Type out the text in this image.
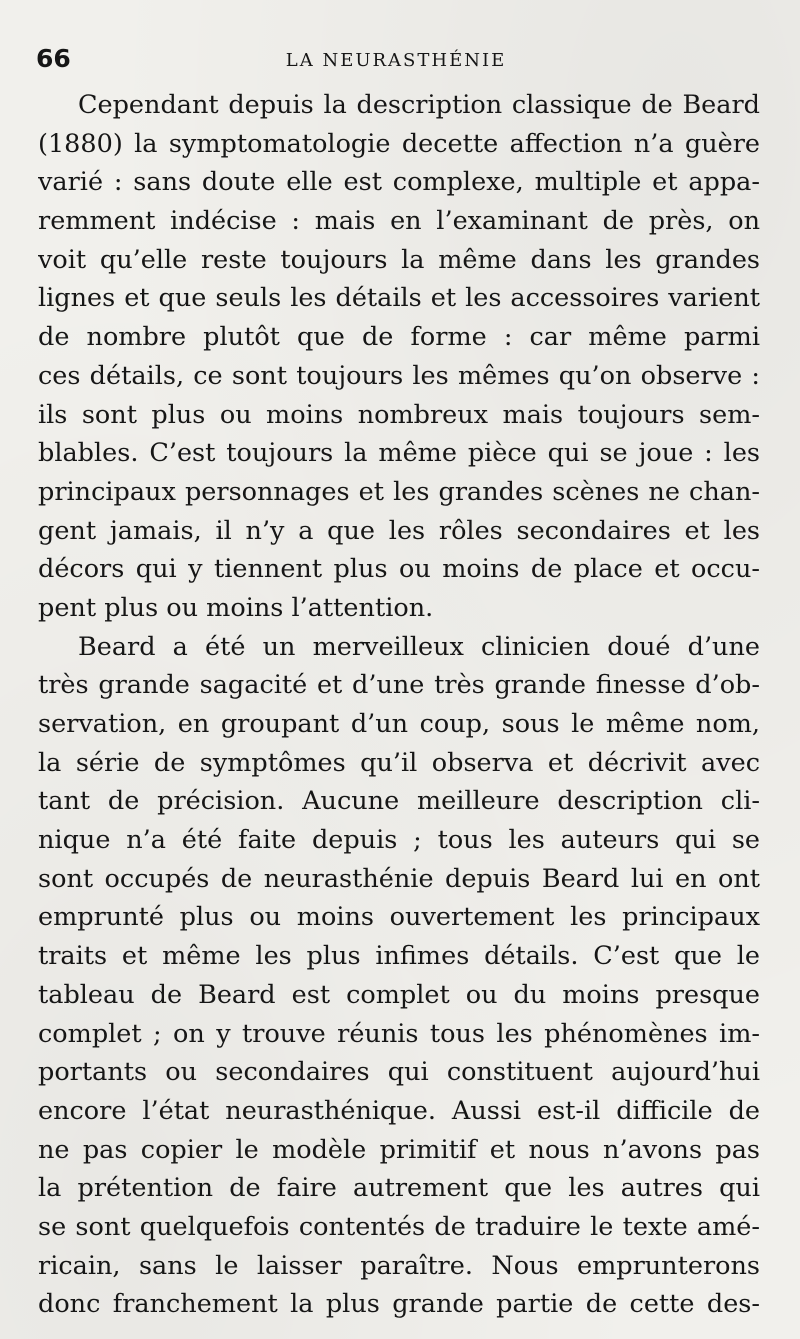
66	LA NEURASTHÉNIE
Cependant depuis la description classique de Beard
(1880) la symptomatologie decette affection n’a guère
varié : sans doute elle est complexe, multiple et appa-
remment indécise : mais en l’examinant de près, on
voit qu’elle reste toujours la même dans les grandes
lignes et que seuls les détails et les accessoires varient
de nombre plutôt que de forme : car même parmi
ces détails, ce sont toujours les mêmes qu’on observe :
ils sont plus ou moins nombreux mais toujours sem-
blables. C’est toujours la même pièce qui se joue : les
principaux personnages et les grandes scènes ne chan-
gent jamais, il n’y a que les rôles secondaires et les
décors qui y tiennent plus ou moins de place et occu-
pent plus ou moins l’attention.
Beard a été un merveilleux clinicien doué d’une
très grande sagacité et d’une très grande finesse d’ob-
servation, en groupant d’un coup, sous le même nom,
la série de symptômes qu’il observa et décrivit avec
tant de précision. Aucune meilleure description cli-
nique n’a été faite depuis ; tous les auteurs qui se
sont occupés de neurasthénie depuis Beard lui en ont
emprunté plus ou moins ouvertement les principaux
traits et même les plus infimes détails. C’est que le
tableau de Beard est complet ou du moins presque
complet ; on y trouve réunis tous les phénomènes im-
portants ou secondaires qui constituent aujourd’hui
encore l’état neurasthénique. Aussi est-il difficile de
ne pas copier le modèle primitif et nous n’avons pas
la prétention de faire autrement que les autres qui
se sont quelquefois contentés de traduire le texte amé-
ricain, sans le laisser paraître. Nous emprunterons
donc franchement la plus grande partie de cette des-
